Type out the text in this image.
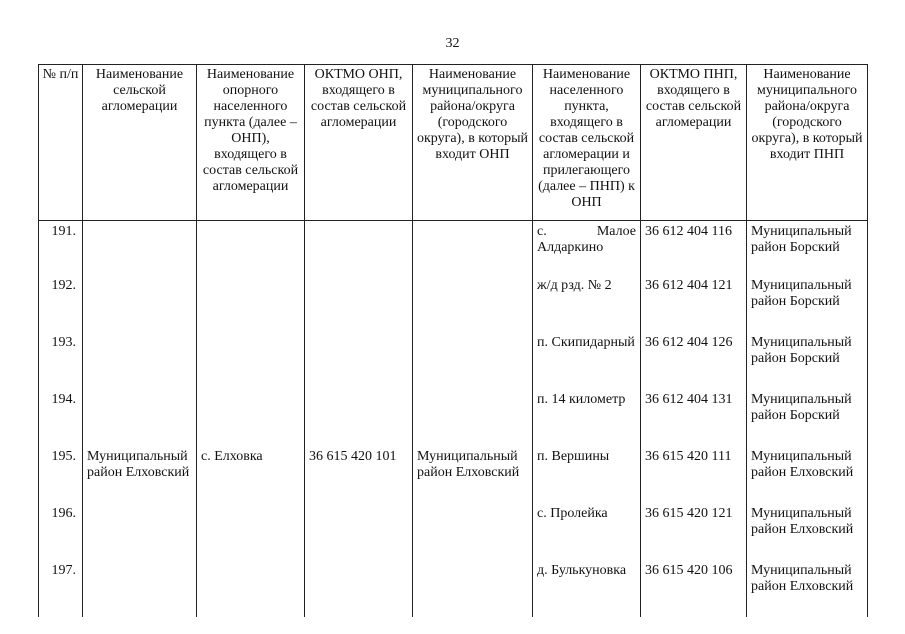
32
№ п/п	Наименование сельской агломерации	Наименование опорного населенного пункта (далее – ОНП), входящего в состав сельской агломерации	ОКТМО ОНП, входящего в состав сельской агломерации	Наименование муниципального района/округа (городского округа), в который входит ОНП	Наименование населенного пункта, входящего в состав сельской агломерации и прилегающего (далее – ПНП) к ОНП	ОКТМО ПНП, входящего в состав сельской агломерации	Наименование муниципального района/округа (городского округа), в который входит ПНП
191.					с. Малое Алдаркино	36 612 404 116	Муниципальный район Борский
192.					ж/д рзд. № 2	36 612 404 121	Муниципальный район Борский
193.					п. Скипидарный	36 612 404 126	Муниципальный район Борский
194.					п. 14 километр	36 612 404 131	Муниципальный район Борский
195.	Муниципальный район Елховский	с. Елховка	36 615 420 101	Муниципальный район Елховский	п. Вершины	36 615 420 111	Муниципальный район Елховский
196.					с. Пролейка	36 615 420 121	Муниципальный район Елховский
197.					д. Булькуновка	36 615 420 106	Муниципальный район Елховский
